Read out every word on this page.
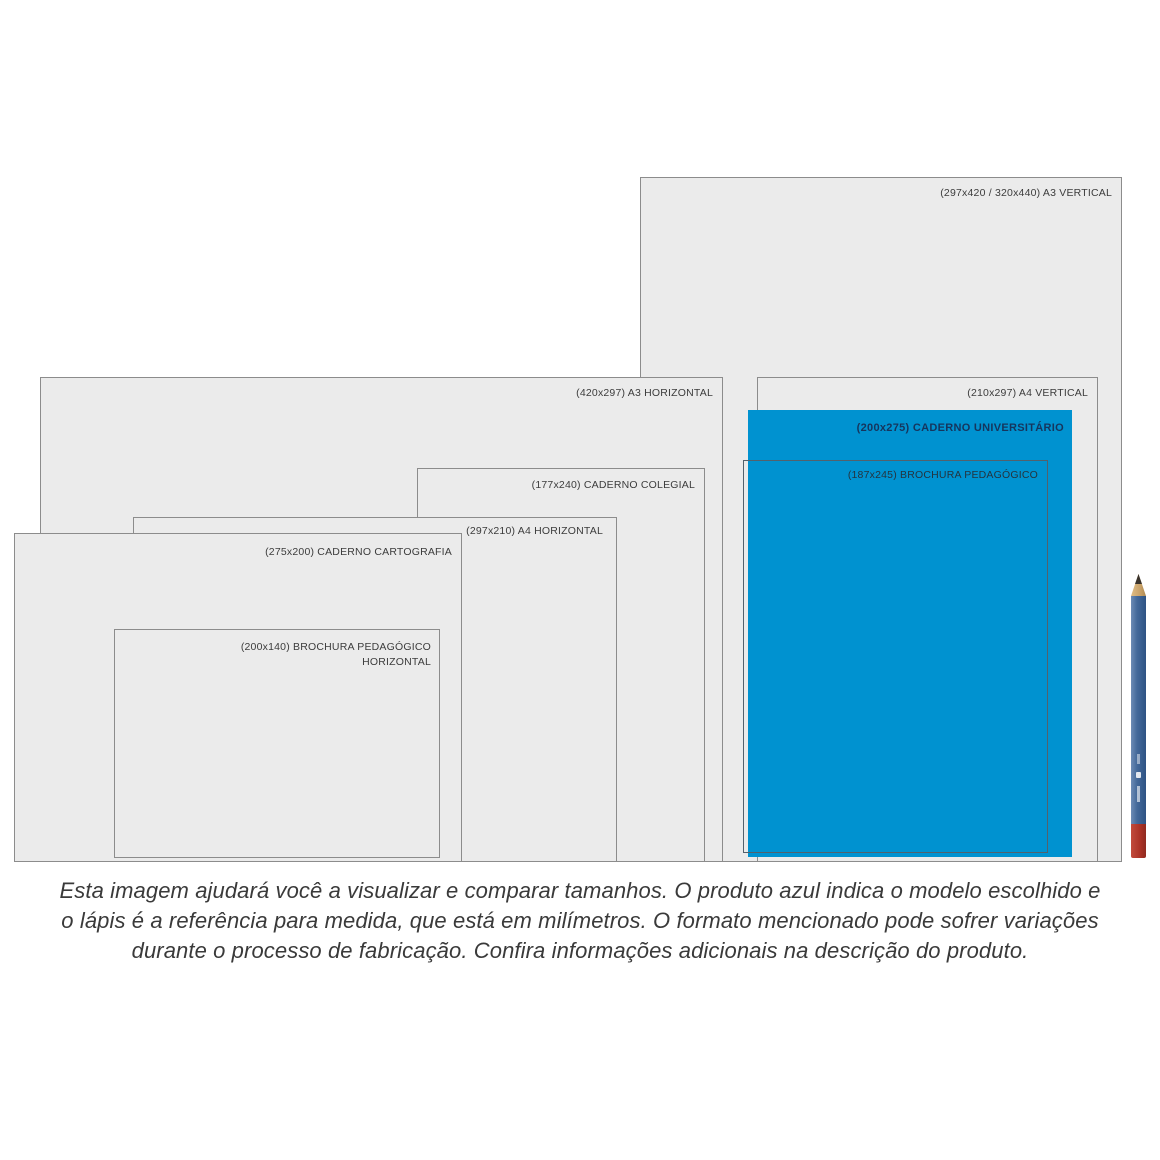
(297x420 / 320x440) A3 VERTICAL
(420x297) A3 HORIZONTAL
(177x240) CADERNO COLEGIAL
(297x210) A4 HORIZONTAL
(275x200) CADERNO CARTOGRAFIA
(200x140) BROCHURA PEDAGÓGICO
HORIZONTAL
(210x297) A4 VERTICAL
(200x275) CADERNO UNIVERSITÁRIO
(187x245) BROCHURA PEDAGÓGICO
Esta imagem ajudará você a visualizar e comparar tamanhos. O produto azul indica o modelo escolhido e
o lápis é a referência para medida, que está em milímetros. O formato mencionado pode sofrer variações
durante o processo de fabricação. Confira informações adicionais na descrição do produto.
